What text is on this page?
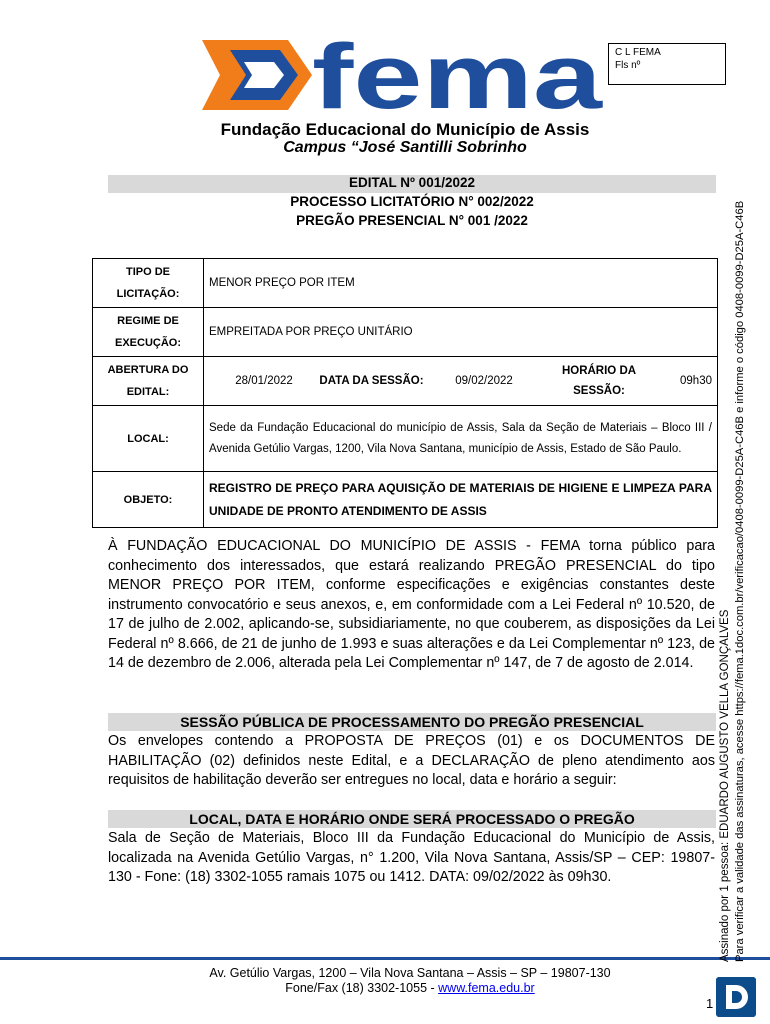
fema C L FEMA
Fls nº
Fundação Educacional do Município de Assis
Campus “José Santilli Sobrinho
EDITAL Nº 001/2022
PROCESSO LICITATÓRIO N° 002/2022
PREGÃO PRESENCIAL N° 001 /2022
TIPO DE LICITAÇÃO:	MENOR PREÇO POR ITEM
REGIME DE EXECUÇÃO:	EMPREITADA POR PREÇO UNITÁRIO
ABERTURA DO EDITAL:	
28/01/2022	DATA DA SESSÃO:	09/02/2022	HORÁRIO DA SESSÃO:	09h30

LOCAL:	Sede da Fundação Educacional do município de Assis, Sala da Seção de Materiais – Bloco III / Avenida Getúlio Vargas, 1200, Vila Nova Santana, município de Assis, Estado de São Paulo.
OBJETO:	REGISTRO DE PREÇO PARA AQUISIÇÃO DE MATERIAIS DE HIGIENE E LIMPEZA PARA UNIDADE DE PRONTO ATENDIMENTO DE ASSIS
À FUNDAÇÃO EDUCACIONAL DO MUNICÍPIO DE ASSIS - FEMA torna público para conhecimento dos interessados, que estará realizando PREGÃO PRESENCIAL do tipo MENOR PREÇO POR ITEM, conforme especificações e exigências constantes deste instrumento convocatório e seus anexos, e, em conformidade com a Lei Federal nº 10.520, de 17 de julho de 2.002, aplicando-se, subsidiariamente, no que couberem, as disposições da Lei Federal nº 8.666, de 21 de junho de 1.993 e suas alterações e da Lei Complementar nº 123, de 14 de dezembro de 2.006, alterada pela Lei Complementar nº 147, de 7 de agosto de 2.014.
SESSÃO PÚBLICA DE PROCESSAMENTO DO PREGÃO PRESENCIAL
Os envelopes contendo a PROPOSTA DE PREÇOS (01) e os DOCUMENTOS DE HABILITAÇÃO (02) definidos neste Edital, e a DECLARAÇÃO de pleno atendimento aos requisitos de habilitação deverão ser entregues no local, data e horário a seguir:
LOCAL, DATA E HORÁRIO ONDE SERÁ PROCESSADO O PREGÃO
Sala de Seção de Materiais, Bloco III da Fundação Educacional do Município de Assis, localizada na Avenida Getúlio Vargas, n° 1.200, Vila Nova Santana, Assis/SP – CEP: 19807-130 - Fone: (18) 3302-1055 ramais 1075 ou 1412. DATA: 09/02/2022 às 09h30.
Av. Getúlio Vargas, 1200 – Vila Nova Santana – Assis – SP – 19807-130
Fone/Fax (18) 3302-1055 - www.fema.edu.br
1
Assinado por 1 pessoa: EDUARDO AUGUSTO VELLA GONÇALVES Para verificar a validade das assinaturas, acesse https://fema.1doc.com.br/verificacao/0408-0099-D25A-C46B e informe o código 0408-0099-D25A-C46B
